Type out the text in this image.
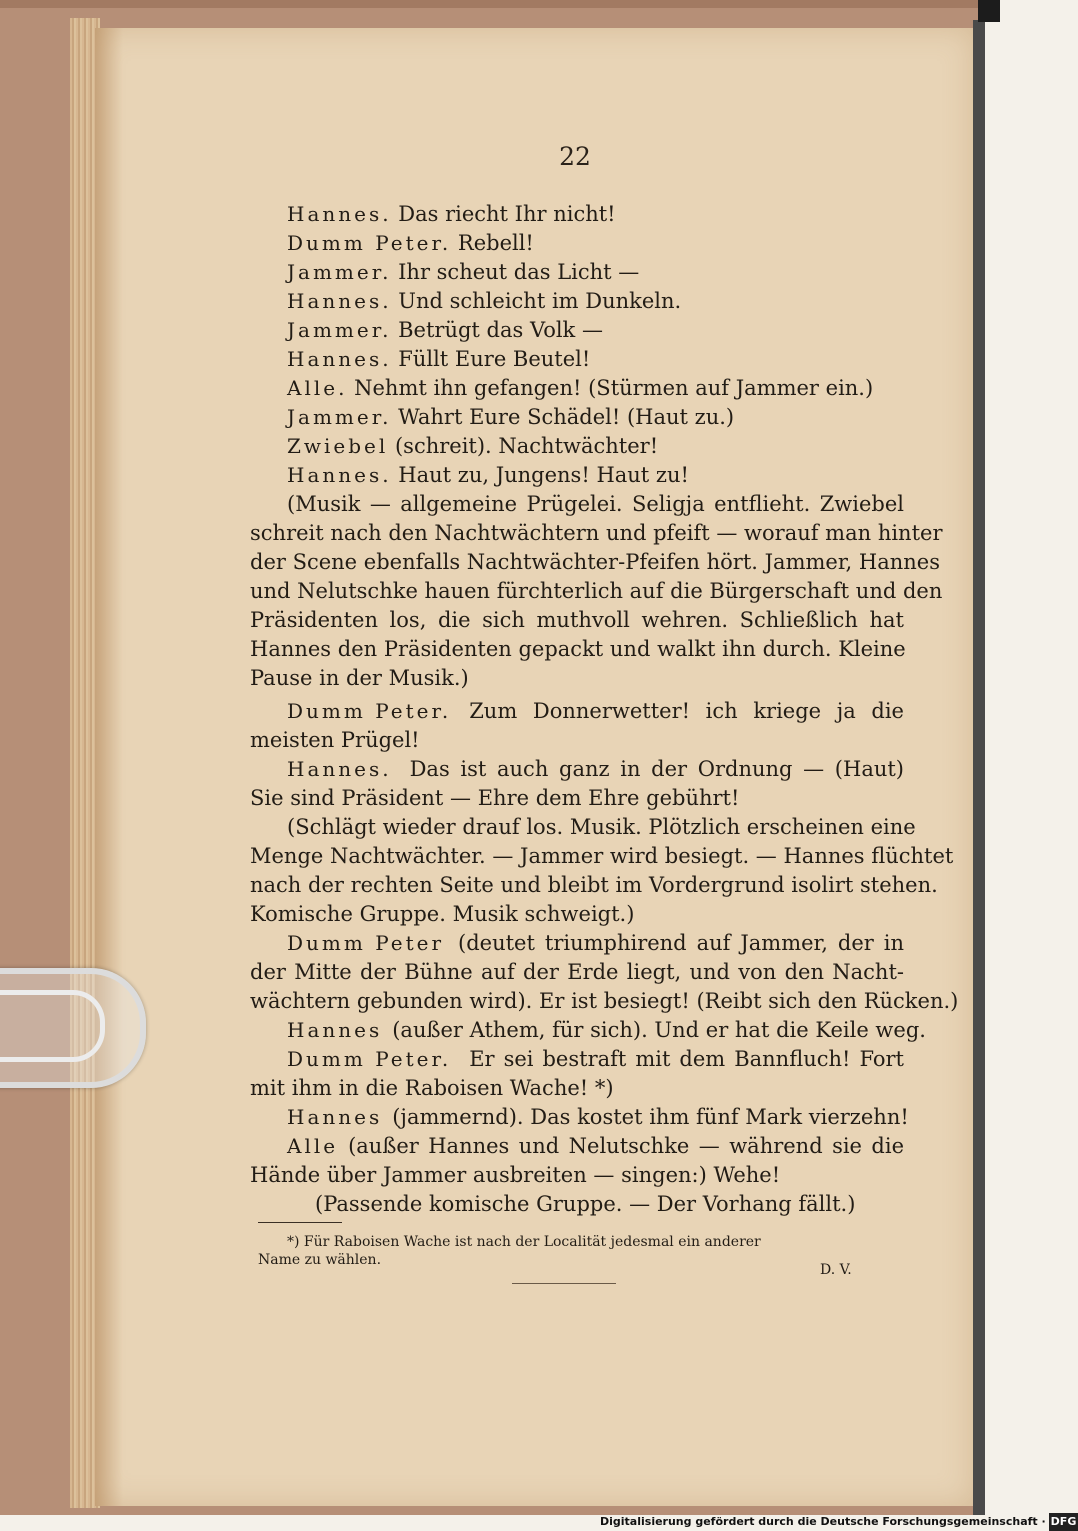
22
Hannes. Das riecht Ihr nicht!
Dumm Peter. Rebell!
Jammer. Ihr scheut das Licht —
Hannes. Und schleicht im Dunkeln.
Jammer. Betrügt das Volk —
Hannes. Füllt Eure Beutel!
Alle. Nehmt ihn gefangen! (Stürmen auf Jammer ein.)
Jammer. Wahrt Eure Schädel! (Haut zu.)
Zwiebel (schreit). Nachtwächter!
Hannes. Haut zu, Jungens! Haut zu!
(Musik — allgemeine Prügelei. Seligja entflieht. Zwiebel
schreit nach den Nachtwächtern und pfeift — worauf man hinter
der Scene ebenfalls Nachtwächter-Pfeifen hört. Jammer, Hannes
und Nelutschke hauen fürchterlich auf die Bürgerschaft und den
Präsidenten los, die sich muthvoll wehren. Schließlich hat
Hannes den Präsidenten gepackt und walkt ihn durch. Kleine
Pause in der Musik.)
Dumm Peter. Zum Donnerwetter! ich kriege ja die
meisten Prügel!
Hannes. Das ist auch ganz in der Ordnung — (Haut)
Sie sind Präsident — Ehre dem Ehre gebührt!
(Schlägt wieder drauf los. Musik. Plötzlich erscheinen eine
Menge Nachtwächter. — Jammer wird besiegt. — Hannes flüchtet
nach der rechten Seite und bleibt im Vordergrund isolirt stehen.
Komische Gruppe. Musik schweigt.)
Dumm Peter (deutet triumphirend auf Jammer, der in
der Mitte der Bühne auf der Erde liegt, und von den Nacht-
wächtern gebunden wird). Er ist besiegt! (Reibt sich den Rücken.)
Hannes (außer Athem, für sich). Und er hat die Keile weg.
Dumm Peter. Er sei bestraft mit dem Bannfluch! Fort
mit ihm in die Raboisen Wache! *)
Hannes (jammernd). Das kostet ihm fünf Mark vierzehn!
Alle (außer Hannes und Nelutschke — während sie die
Hände über Jammer ausbreiten — singen:) Wehe!
(Passende komische Gruppe. — Der Vorhang fällt.)
*) Für Raboisen Wache ist nach der Localität jedesmal ein anderer
Name zu wählen.
D. V.
Digitalisierung gefördert durch die Deutsche Forschungsgemeinschaft · DFG
